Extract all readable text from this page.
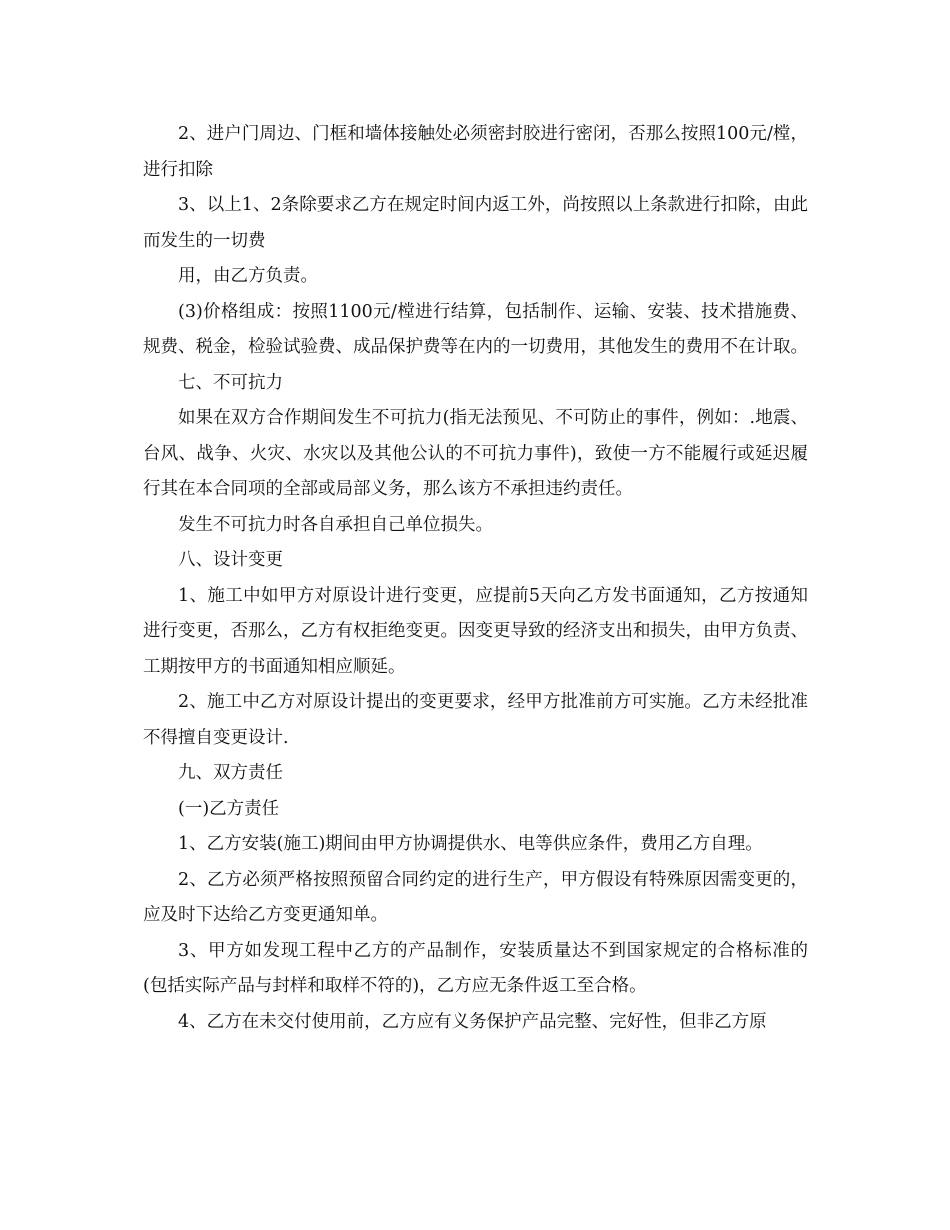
2、进户门周边、门框和墙体接触处必须密封胶进行密闭，否那么按照100元/樘，进行扣除

3、以上1、2条除要求乙方在规定时间内返工外，尚按照以上条款进行扣除，由此而发生的一切费

用，由乙方负责。

(3)价格组成：按照1100元/樘进行结算，包括制作、运输、安装、技术措施费、规费、税金，检验试验费、成品保护费等在内的一切费用，其他发生的费用不在计取。

七、不可抗力

如果在双方合作期间发生不可抗力(指无法预见、不可防止的事件，例如：.地震、台风、战争、火灾、水灾以及其他公认的不可抗力事件)，致使一方不能履行或延迟履行其在本合同项的全部或局部义务，那么该方不承担违约责任。

发生不可抗力时各自承担自己单位损失。

八、设计变更

1、施工中如甲方对原设计进行变更，应提前5天向乙方发书面通知，乙方按通知进行变更，否那么，乙方有权拒绝变更。因变更导致的经济支出和损失，由甲方负责、工期按甲方的书面通知相应顺延。

2、施工中乙方对原设计提出的变更要求，经甲方批准前方可实施。乙方未经批准不得擅自变更设计.

九、双方责任

(一)乙方责任

1、乙方安装(施工)期间由甲方协调提供水、电等供应条件，费用乙方自理。

2、乙方必须严格按照预留合同约定的进行生产，甲方假设有特殊原因需变更的，应及时下达给乙方变更通知单。

3、甲方如发现工程中乙方的产品制作，安装质量达不到国家规定的合格标准的(包括实际产品与封样和取样不符的)，乙方应无条件返工至合格。

4、乙方在未交付使用前，乙方应有义务保护产品完整、完好性，但非乙方原
